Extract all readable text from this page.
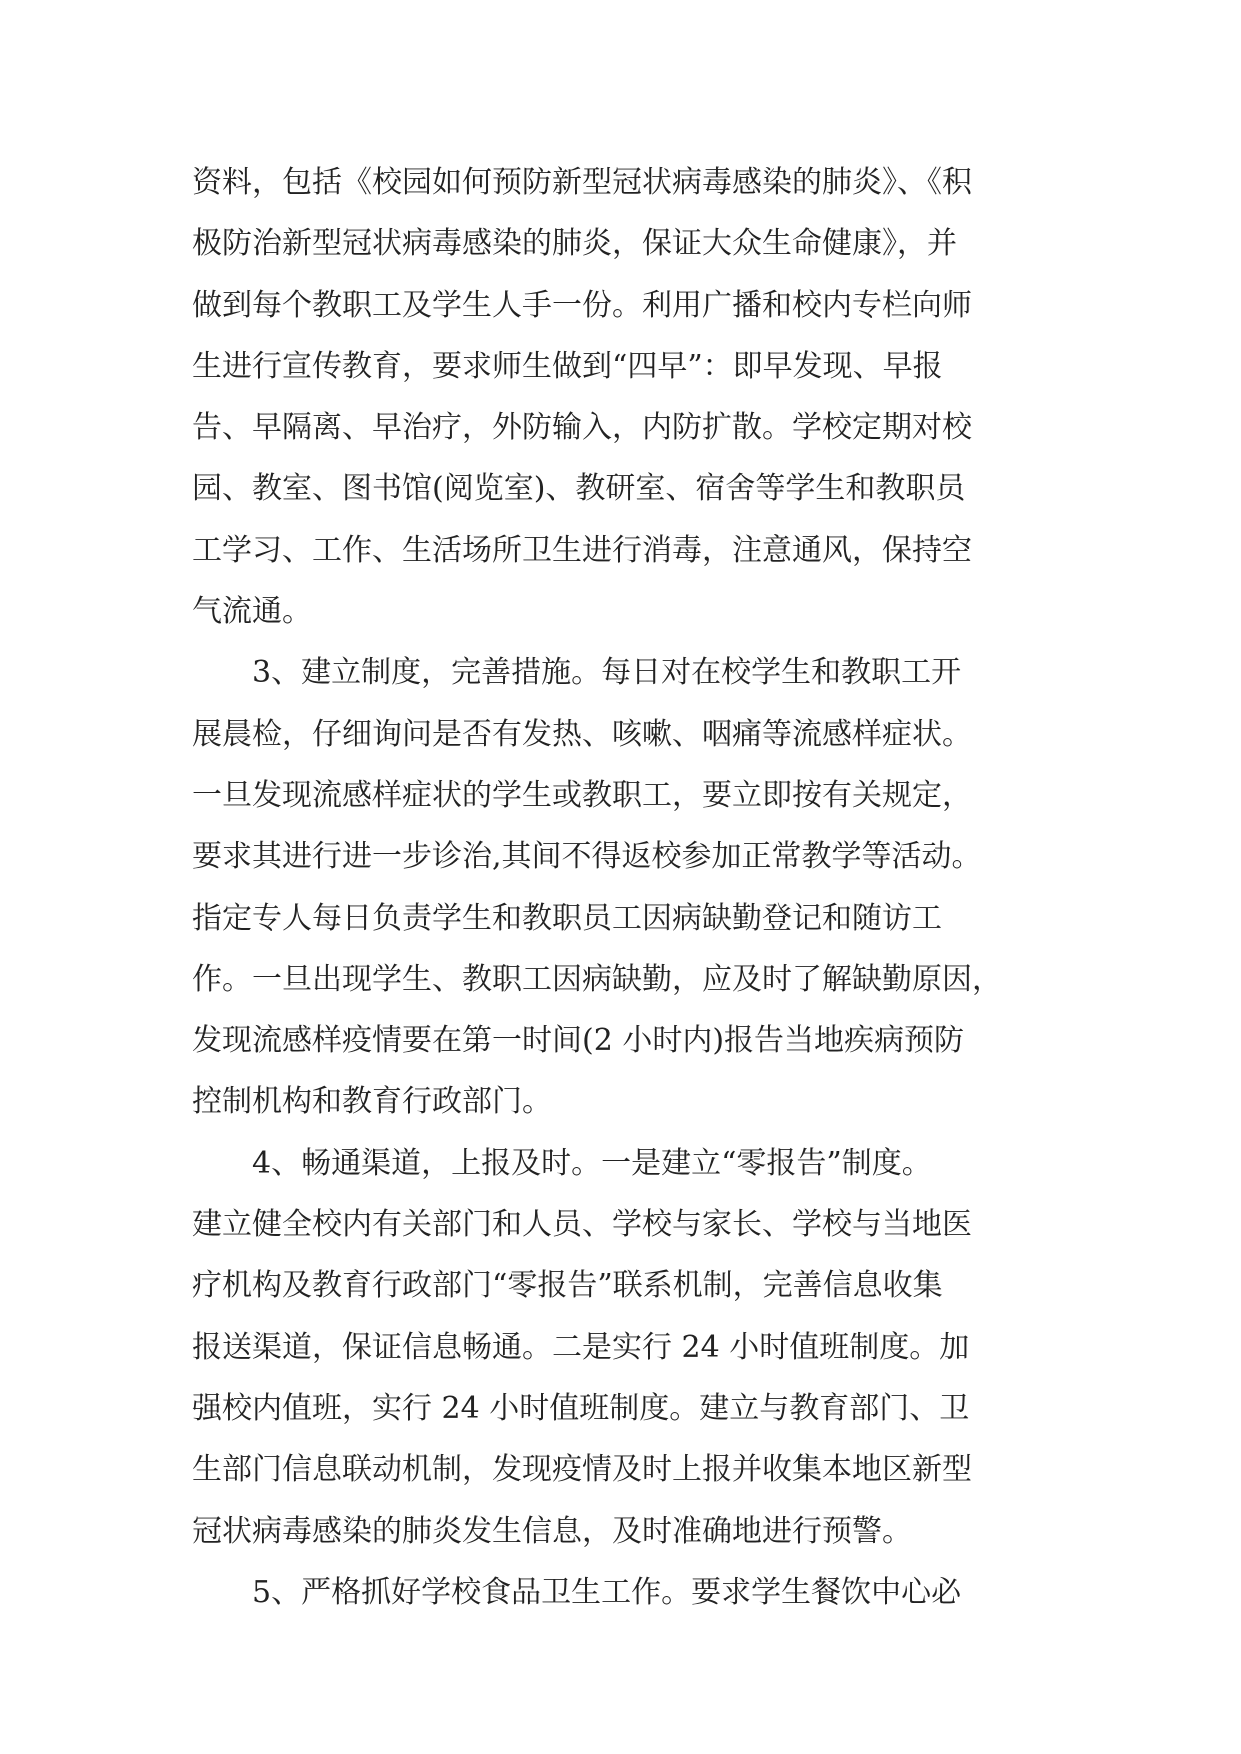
资料，包括《校园如何预防新型冠状病毒感染的肺炎》、《积
极防治新型冠状病毒感染的肺炎，保证大众生命健康》，并
做到每个教职工及学生人手一份。利用广播和校内专栏向师
生进行宣传教育，要求师生做到“四早”：即早发现、早报
告、早隔离、早治疗，外防输入，内防扩散。学校定期对校
园、教室、图书馆(阅览室)、教研室、宿舍等学生和教职员
工学习、工作、生活场所卫生进行消毒，注意通风，保持空
气流通。
3、建立制度，完善措施。每日对在校学生和教职工开
展晨检，仔细询问是否有发热、咳嗽、咽痛等流感样症状。
一旦发现流感样症状的学生或教职工，要立即按有关规定，
要求其进行进一步诊治,其间不得返校参加正常教学等活动。
指定专人每日负责学生和教职员工因病缺勤登记和随访工
作。一旦出现学生、教职工因病缺勤，应及时了解缺勤原因，
发现流感样疫情要在第一时间(2 小时内)报告当地疾病预防
控制机构和教育行政部门。
4、畅通渠道，上报及时。一是建立“零报告”制度。
建立健全校内有关部门和人员、学校与家长、学校与当地医
疗机构及教育行政部门“零报告”联系机制，完善信息收集
报送渠道，保证信息畅通。二是实行 24 小时值班制度。加
强校内值班，实行 24 小时值班制度。建立与教育部门、卫
生部门信息联动机制，发现疫情及时上报并收集本地区新型
冠状病毒感染的肺炎发生信息，及时准确地进行预警。
5、严格抓好学校食品卫生工作。要求学生餐饮中心必
